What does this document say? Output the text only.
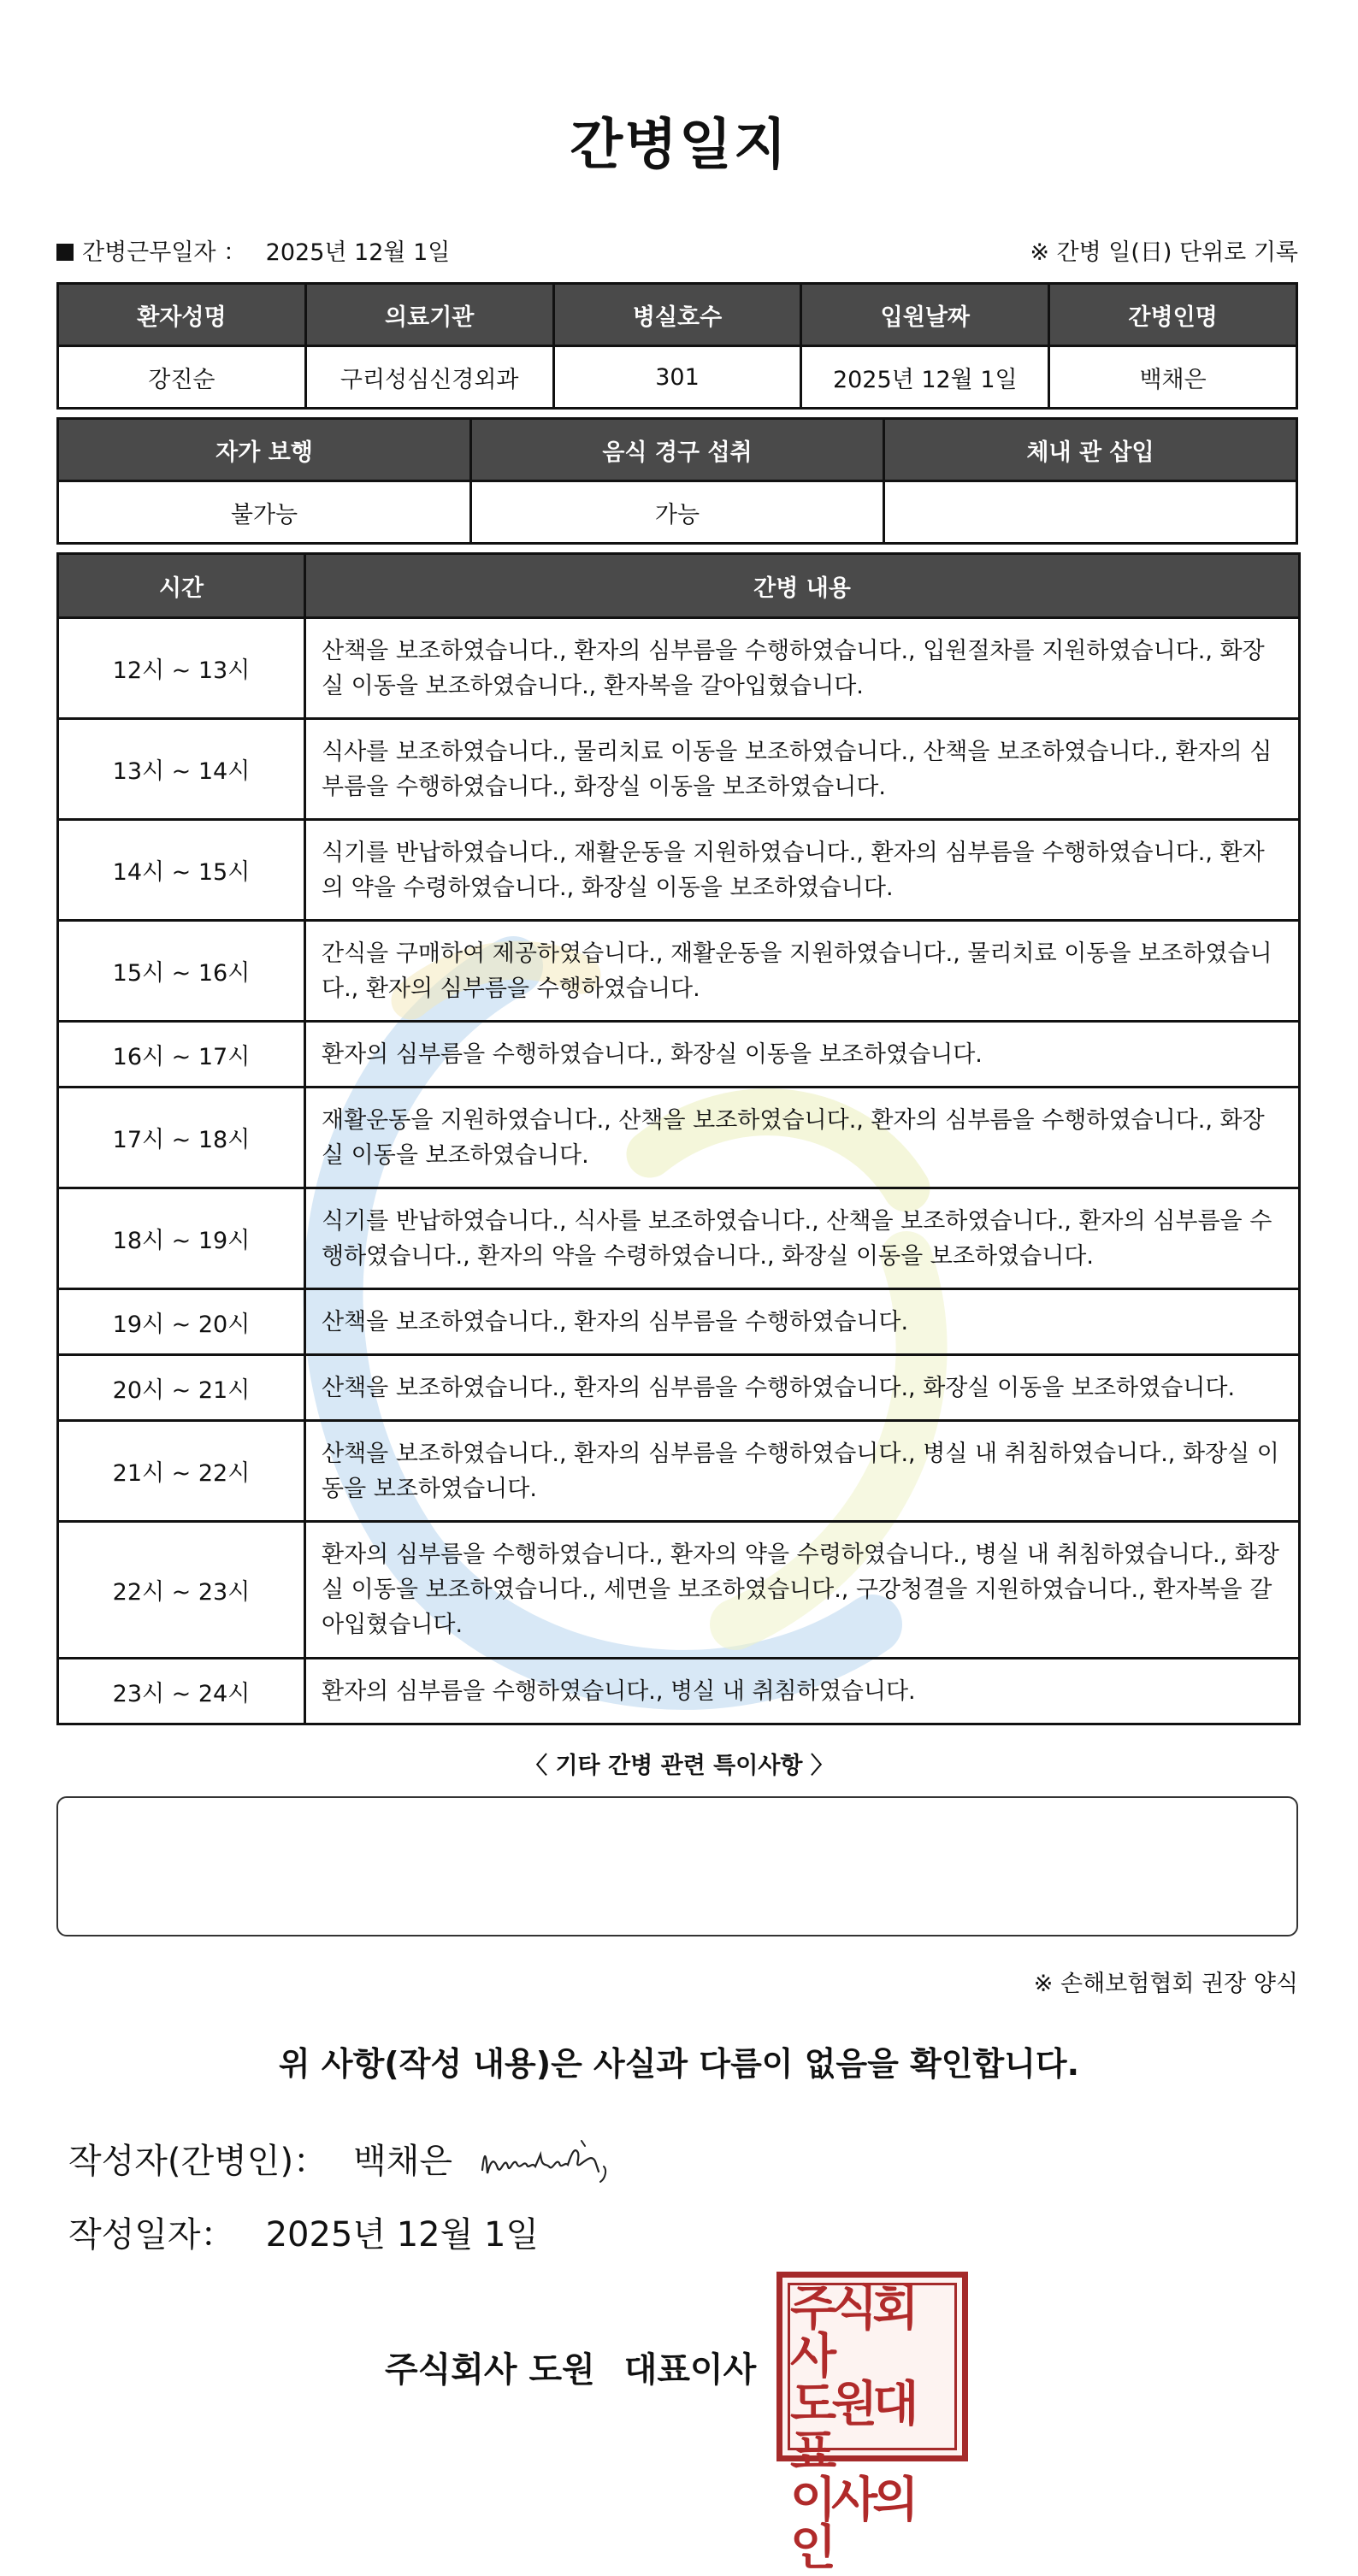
간병일지
간병근무일자 ： 2025년 12월 1일	※ 간병 일(日) 단위로 기록
환자성명	의료기관	병실호수	입원날짜	간병인명
강진순	구리성심신경외과	301	2025년 12월 1일	백채은
자가 보행	음식 경구 섭취	체내 관 삽입
불가능	가능	
시간	간병 내용
12시 ~ 13시	산책을 보조하였습니다., 환자의 심부름을 수행하였습니다., 입원절차를 지원하였습니다., 화장실 이동을 보조하였습니다., 환자복을 갈아입혔습니다.
13시 ~ 14시	식사를 보조하였습니다., 물리치료 이동을 보조하였습니다., 산책을 보조하였습니다., 환자의 심부름을 수행하였습니다., 화장실 이동을 보조하였습니다.
14시 ~ 15시	식기를 반납하였습니다., 재활운동을 지원하였습니다., 환자의 심부름을 수행하였습니다., 환자의 약을 수령하였습니다., 화장실 이동을 보조하였습니다.
15시 ~ 16시	간식을 구매하여 제공하였습니다., 재활운동을 지원하였습니다., 물리치료 이동을 보조하였습니다., 환자의 심부름을 수행하였습니다.
16시 ~ 17시	환자의 심부름을 수행하였습니다., 화장실 이동을 보조하였습니다.
17시 ~ 18시	재활운동을 지원하였습니다., 산책을 보조하였습니다., 환자의 심부름을 수행하였습니다., 화장실 이동을 보조하였습니다.
18시 ~ 19시	식기를 반납하였습니다., 식사를 보조하였습니다., 산책을 보조하였습니다., 환자의 심부름을 수행하였습니다., 환자의 약을 수령하였습니다., 화장실 이동을 보조하였습니다.
19시 ~ 20시	산책을 보조하였습니다., 환자의 심부름을 수행하였습니다.
20시 ~ 21시	산책을 보조하였습니다., 환자의 심부름을 수행하였습니다., 화장실 이동을 보조하였습니다.
21시 ~ 22시	산책을 보조하였습니다., 환자의 심부름을 수행하였습니다., 병실 내 취침하였습니다., 화장실 이동을 보조하였습니다.
22시 ~ 23시	환자의 심부름을 수행하였습니다., 환자의 약을 수령하였습니다., 병실 내 취침하였습니다., 화장실 이동을 보조하였습니다., 세면을 보조하였습니다., 구강청결을 지원하였습니다., 환자복을 갈아입혔습니다.
23시 ~ 24시	환자의 심부름을 수행하였습니다., 병실 내 취침하였습니다.
〈 기타 간병 관련 특이사항 〉
※ 손해보험협회 권장 양식
위 사항(작성 내용)은 사실과 다름이 없음을 확인합니다.
작성자(간병인)： 백채은
작성일자： 2025년 12월 1일
주식회사 도원 대표이사
주식회사
도원대표
이사의인
